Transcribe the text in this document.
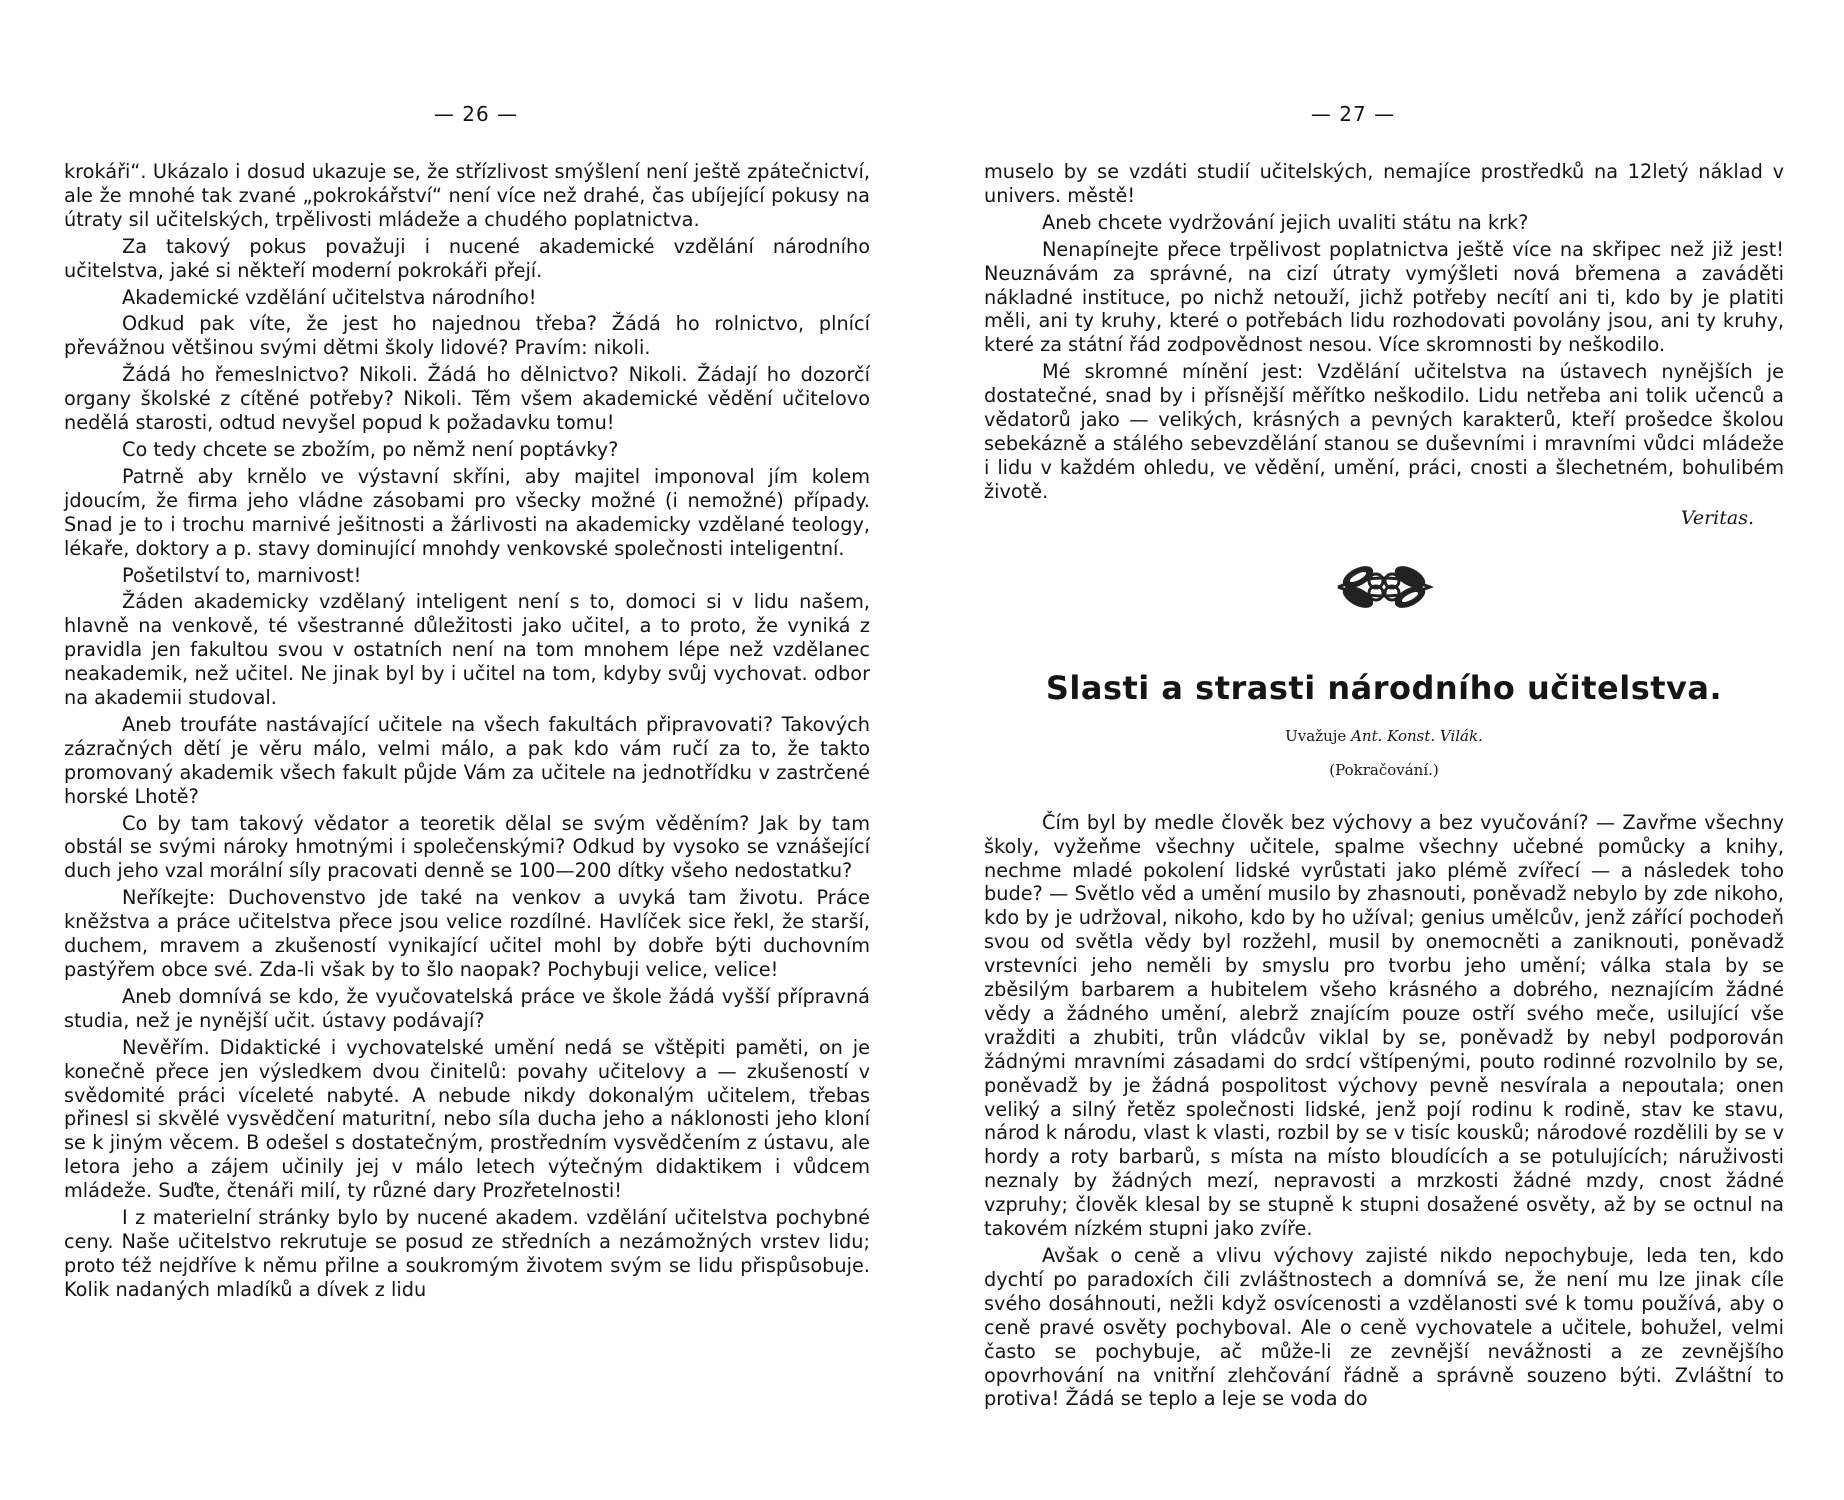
— 26 —

krokáři“. Ukázalo i dosud ukazuje se, že střízlivost smýšlení není ještě zpátečnictví, ale že mnohé tak zvané „pokrokářství“ není více než drahé, čas ubíjející pokusy na útraty sil učitelských, trpělivosti mládeže a chudého poplatnictva.

Za takový pokus považuji i nucené akademické vzdělání národního učitelstva, jaké si někteří moderní pokrokáři přejí.

Akademické vzdělání učitelstva národního!

Odkud pak víte, že jest ho najednou třeba? Žádá ho rolnictvo, plnící převážnou většinou svými dětmi školy lidové? Pravím: nikoli.

Žádá ho řemeslnictvo? Nikoli. Žádá ho dělnictvo? Nikoli. Žádají ho dozorčí organy školské z cítěné potřeby? Nikoli. Těm všem akademické vědění učitelovo nedělá starosti, odtud nevyšel popud k požadavku tomu!

Co tedy chcete se zbožím, po němž není poptávky?

Patrně aby krnělo ve výstavní skříni, aby majitel imponoval jím kolem jdoucím, že firma jeho vládne zásobami pro všecky možné (i nemožné) případy. Snad je to i trochu marnivé ješitnosti a žárlivosti na akademicky vzdělané teology, lékaře, doktory a p. stavy dominující mnohdy venkovské společnosti inteligentní.

Pošetilství to, marnivost!

Žáden akademicky vzdělaný inteligent není s to, domoci si v lidu našem, hlavně na venkově, té všestranné důležitosti jako učitel, a to proto, že vyniká z pravidla jen fakultou svou v ostatních není na tom mnohem lépe než vzdělanec neakademik, než učitel. Ne jinak byl by i učitel na tom, kdyby svůj vychovat. odbor na akademii studoval.

Aneb troufáte nastávající učitele na všech fakultách připravovati? Takových zázračných dětí je věru málo, velmi málo, a pak kdo vám ručí za to, že takto promovaný akademik všech fakult půjde Vám za učitele na jednotřídku v zastrčené horské Lhotě?

Co by tam takový vědator a teoretik dělal se svým věděním? Jak by tam obstál se svými nároky hmotnými i společenskými? Odkud by vysoko se vznášející duch jeho vzal morální síly pracovati denně se 100—200 dítky všeho nedostatku?

Neříkejte: Duchovenstvo jde také na venkov a uvyká tam životu. Práce kněžstva a práce učitelstva přece jsou velice rozdílné. Havlíček sice řekl, že starší, duchem, mravem a zkušeností vynikající učitel mohl by dobře býti duchovním pastýřem obce své. Zda-li však by to šlo naopak? Pochybuji velice, velice!

Aneb domnívá se kdo, že vyučovatelská práce ve škole žádá vyšší přípravná studia, než je nynější učit. ústavy podávají?

Nevěřím. Didaktické i vychovatelské umění nedá se vštěpiti paměti, on je konečně přece jen výsledkem dvou činitelů: povahy učitelovy a — zkušeností v svědomité práci víceleté nabyté. A nebude nikdy dokonalým učitelem, třebas přinesl si skvělé vysvědčení maturitní, nebo síla ducha jeho a náklonosti jeho kloní se k jiným věcem. B odešel s dostatečným, prostředním vysvědčením z ústavu, ale letora jeho a zájem učinily jej v málo letech výtečným didaktikem i vůdcem mládeže. Suďte, čtenáři milí, ty různé dary Prozřetelnosti!

I z materielní stránky bylo by nucené akadem. vzdělání učitelstva pochybné ceny. Naše učitelstvo rekrutuje se posud ze středních a nezámožných vrstev lidu; proto též nejdříve k němu přilne a soukromým životem svým se lidu přispůsobuje. Kolik nadaných mladíků a dívek z lidu

— 27 —

muselo by se vzdáti studií učitelských, nemajíce prostředků na 12letý náklad v univers. městě!

Aneb chcete vydržování jejich uvaliti státu na krk?

Nenapínejte přece trpělivost poplatnictva ještě více na skřipec než již jest! Neuznávám za správné, na cizí útraty vymýšleti nová břemena a zaváděti nákladné instituce, po nichž netouží, jichž potřeby necítí ani ti, kdo by je platiti měli, ani ty kruhy, které o potřebách lidu rozhodovati povolány jsou, ani ty kruhy, které za státní řád zodpovědnost nesou. Více skromnosti by neškodilo.

Mé skromné mínění jest: Vzdělání učitelstva na ústavech nynějších je dostatečné, snad by i přísnější měřítko neškodilo. Lidu netřeba ani tolik učenců a vědatorů jako — velikých, krásných a pevných karakterů, kteří prošedce školou sebekázně a stálého sebevzdělání stanou se duševními i mravními vůdci mládeže i lidu v každém ohledu, ve vědění, umění, práci, cnosti a šlechetném, bohulibém životě.

Veritas.
Slasti a strasti národního učitelstva.
Uvažuje Ant. Konst. Vilák.
(Pokračování.)

Čím byl by medle člověk bez výchovy a bez vyučování? — Zavřme všechny školy, vyžeňme všechny učitele, spalme všechny učebné pomůcky a knihy, nechme mladé pokolení lidské vyrůstati jako plémě zvířecí — a následek toho bude? — Světlo věd a umění musilo by zhasnouti, poněvadž nebylo by zde nikoho, kdo by je udržoval, nikoho, kdo by ho užíval; genius umělcův, jenž zářící pochodeň svou od světla vědy byl rozžehl, musil by onemocněti a zaniknouti, poněvadž vrstevníci jeho neměli by smyslu pro tvorbu jeho umění; válka stala by se zběsilým barbarem a hubitelem všeho krásného a dobrého, neznajícím žádné vědy a žádného umění, alebrž znajícím pouze ostří svého meče, usilující vše vražditi a zhubiti, trůn vládcův viklal by se, poněvadž by nebyl podporován žádnými mravními zásadami do srdcí vštípenými, pouto rodinné rozvolnilo by se, poněvadž by je žádná pospolitost výchovy pevně nesvírala a nepoutala; onen veliký a silný řetěz společnosti lidské, jenž pojí rodinu k rodině, stav ke stavu, národ k národu, vlast k vlasti, rozbil by se v tisíc kousků; národové rozdělili by se v hordy a roty barbarů, s místa na místo bloudících a se potulujících; náruživosti neznaly by žádných mezí, nepravosti a mrzkosti žádné mzdy, cnost žádné vzpruhy; člověk klesal by se stupně k stupni dosažené osvěty, až by se octnul na takovém nízkém stupni jako zvíře.

Avšak o ceně a vlivu výchovy zajisté nikdo nepochybuje, leda ten, kdo dychtí po paradoxích čili zvláštnostech a domnívá se, že není mu lze jinak cíle svého dosáhnouti, nežli když osvícenosti a vzdělanosti své k tomu používá, aby o ceně pravé osvěty pochyboval. Ale o ceně vychovatele a učitele, bohužel, velmi často se pochybuje, ač může-li ze zevnější nevážnosti a ze zevnějšího opovrhování na vnitřní zlehčování řádně a správně souzeno býti. Zvláštní to protiva! Žádá se teplo a leje se voda do
